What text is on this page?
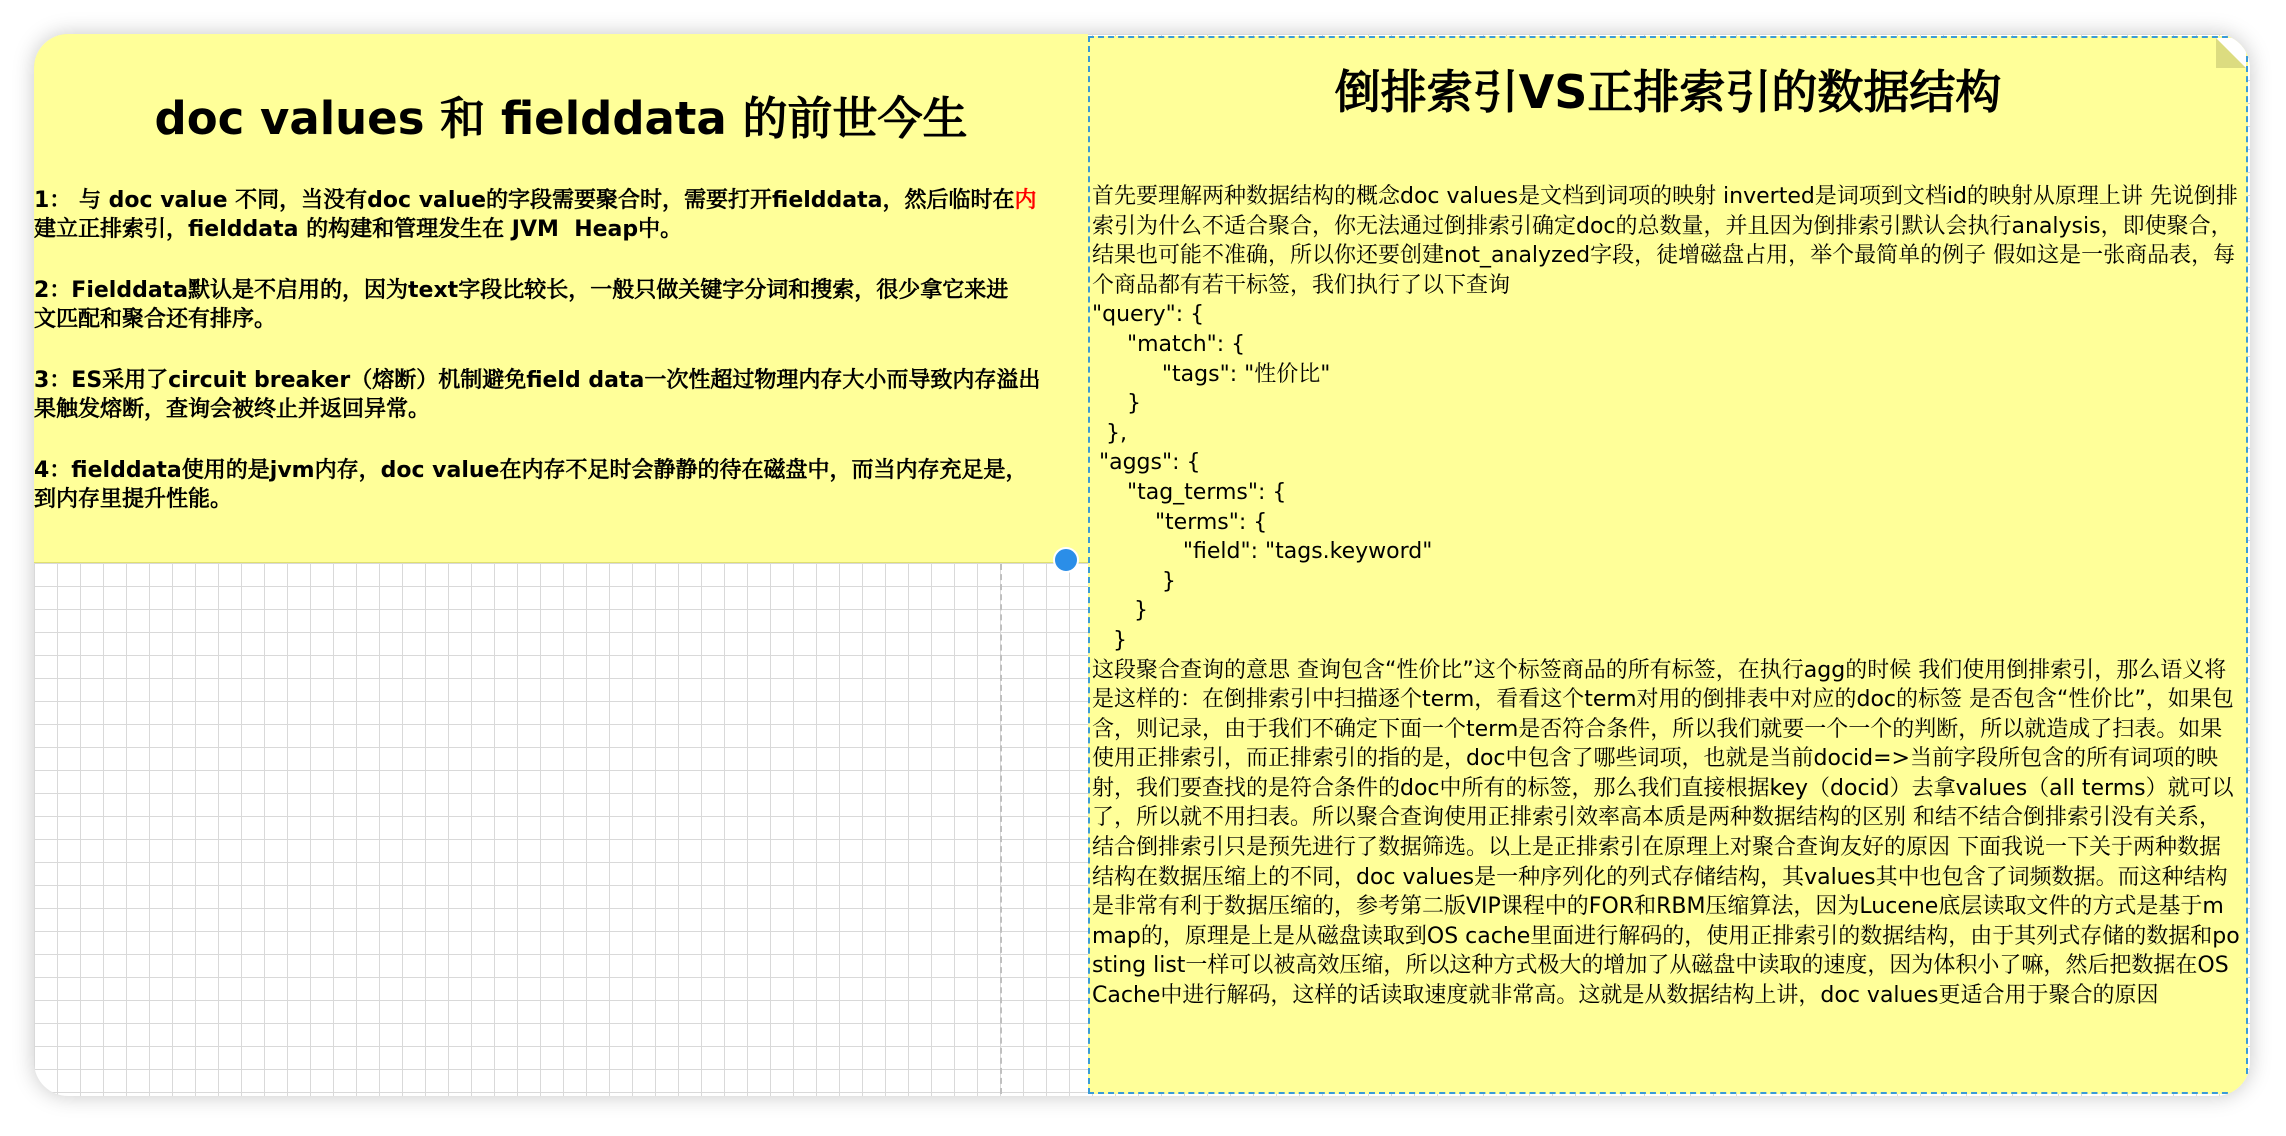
doc values 和 fielddata 的前世今生
1： 与 doc value 不同，当没有doc value的字段需要聚合时，需要打开fielddata，然后临时在内
建立正排索引，fielddata 的构建和管理发生在 JVM  Heap中。
2：Fielddata默认是不启用的，因为text字段比较长，一般只做关键字分词和搜索，很少拿它来进
文匹配和聚合还有排序。
3：ES采用了circuit breaker（熔断）机制避免field data一次性超过物理内存大小而导致内存溢出
果触发熔断，查询会被终止并返回异常。
4：fielddata使用的是jvm内存，doc value在内存不足时会静静的待在磁盘中，而当内存充足是，
到内存里提升性能。
倒排索引VS正排索引的数据结构
首先要理解两种数据结构的概念doc values是文档到词项的映射 inverted是词项到文档id的映射从原理上讲 先说倒排索引为什么不适合聚合，你无法通过倒排索引确定doc的总数量，并且因为倒排索引默认会执行analysis，即使聚合，结果也可能不准确，所以你还要创建not_analyzed字段，徒增磁盘占用，举个最简单的例子 假如这是一张商品表，每个商品都有若干标签，我们执行了以下查询
"query": {
"match": {
"tags": "性价比"
}
},
"aggs": {
"tag_terms": {
"terms": {
"field": "tags.keyword"
}
}
}
这段聚合查询的意思 查询包含“性价比”这个标签商品的所有标签，在执行agg的时候 我们使用倒排索引，那么语义将是这样的：在倒排索引中扫描逐个term，看看这个term对用的倒排表中对应的doc的标签 是否包含“性价比”，如果包含，则记录，由于我们不确定下面一个term是否符合条件，所以我们就要一个一个的判断，所以就造成了扫表。如果使用正排索引，而正排索引的指的是，doc中包含了哪些词项，也就是当前docid=>当前字段所包含的所有词项的映射，我们要查找的是符合条件的doc中所有的标签，那么我们直接根据key（docid）去拿values（all terms）就可以了，所以就不用扫表。所以聚合查询使用正排索引效率高本质是两种数据结构的区别 和结不结合倒排索引没有关系，结合倒排索引只是预先进行了数据筛选。以上是正排索引在原理上对聚合查询友好的原因 下面我说一下关于两种数据结构在数据压缩上的不同，doc values是一种序列化的列式存储结构，其values其中也包含了词频数据。而这种结构是非常有利于数据压缩的，参考第二版VIP课程中的FOR和RBM压缩算法，因为Lucene底层读取文件的方式是基于mmap的，原理是上是从磁盘读取到OS cache里面进行解码的，使用正排索引的数据结构，由于其列式存储的数据和posting list一样可以被高效压缩，所以这种方式极大的增加了从磁盘中读取的速度，因为体积小了嘛，然后把数据在OS Cache中进行解码，这样的话读取速度就非常高。这就是从数据结构上讲，doc values更适合用于聚合的原因
